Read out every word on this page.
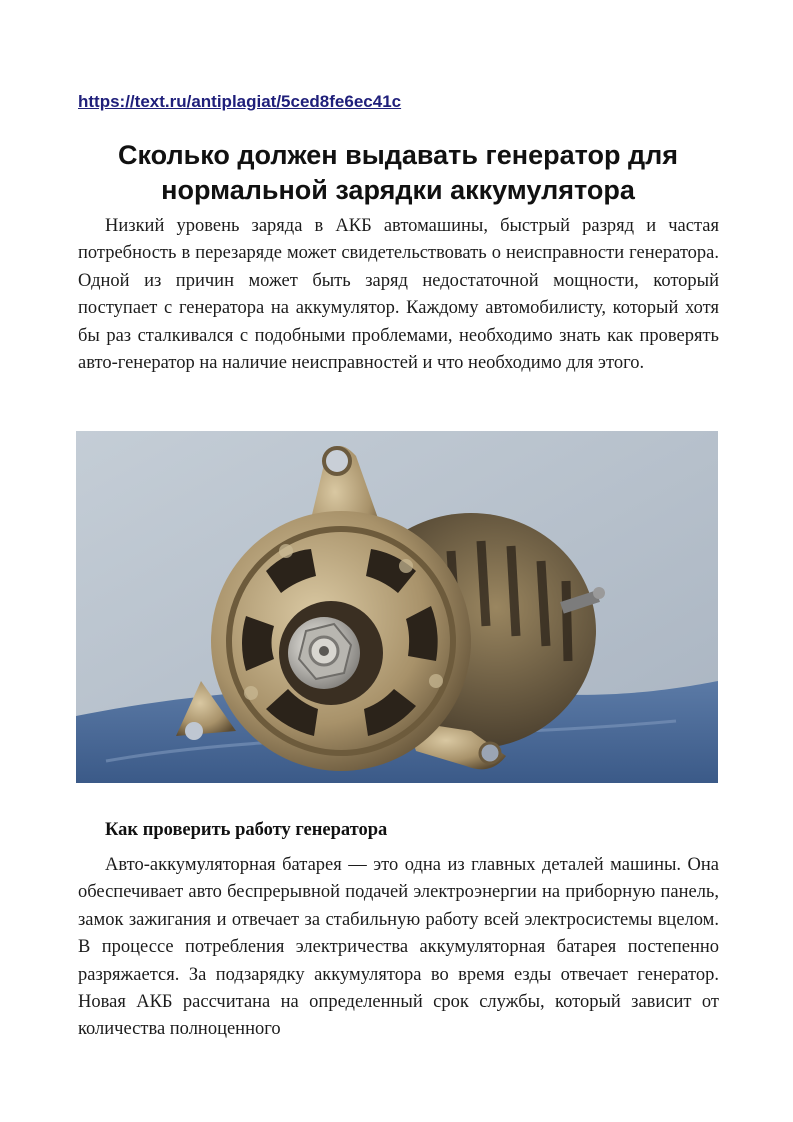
https://text.ru/antiplagiat/5ced8fe6ec41c
Сколько должен выдавать генератор для нормальной зарядки аккумулятора

Низкий уровень заряда в АКБ автомашины, быстрый разряд и частая потребность в перезаряде может свидетельствовать о неисправности генератора. Одной из причин может быть заряд недостаточной мощности, который поступает с генератора на аккумулятор. Каждому автомобилисту, который хотя бы раз сталкивался с подобными проблемами, необходимо знать как проверять авто-генератор на наличие неисправностей и что необходимо для этого.

Как проверить работу генератора

Авто-аккумуляторная батарея — это одна из главных деталей машины. Она обеспечивает авто беспрерывной подачей электроэнергии на приборную панель, замок зажигания и отвечает за стабильную работу всей электросистемы вцелом. В процессе потребления электричества аккумуляторная батарея постепенно разряжается. За подзарядку аккумулятора во время езды отвечает генератор. Новая АКБ рассчитана на определенный срок службы, который зависит от количества полноценного
